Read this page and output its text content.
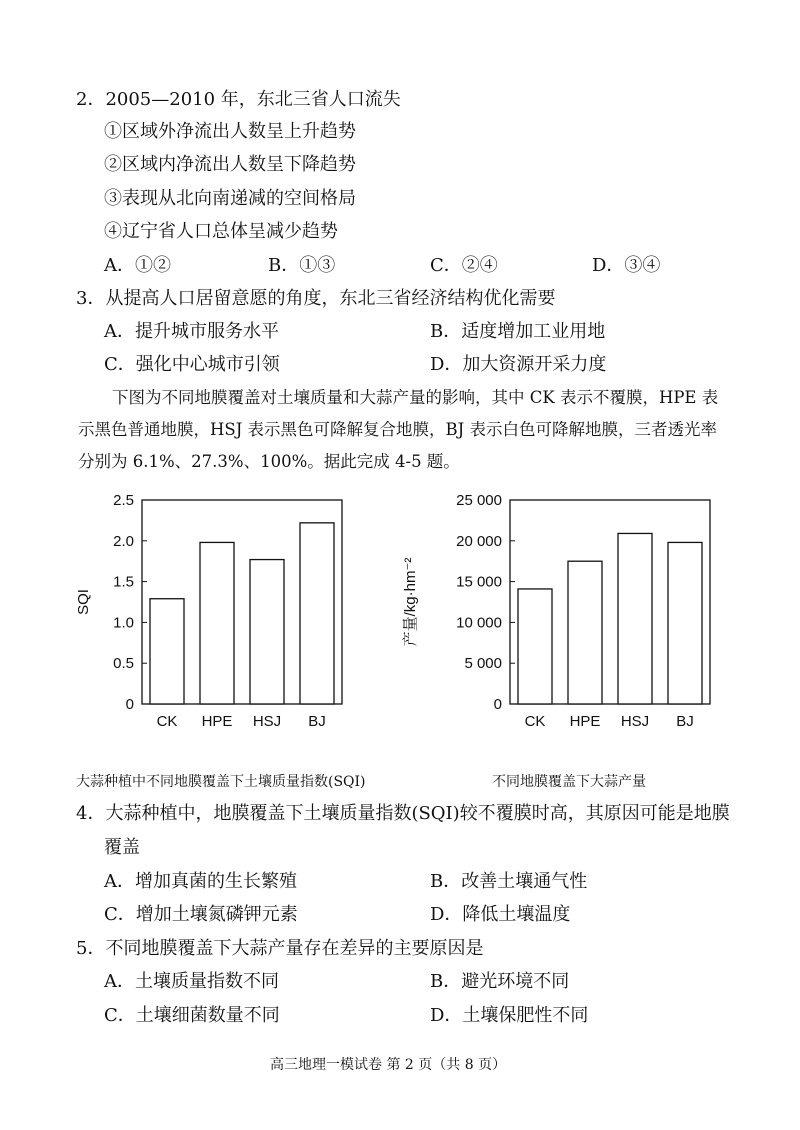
2．2005—2010 年，东北三省人口流失
①区域外净流出人数呈上升趋势
②区域内净流出人数呈下降趋势
③表现从北向南递减的空间格局
④辽宁省人口总体呈减少趋势
A．①②	B．①③	C．②④	D．③④
3．从提高人口居留意愿的角度，东北三省经济结构优化需要
A．提升城市服务水平	B．适度增加工业用地
C．强化中心城市引领	D．加大资源开采力度
下图为不同地膜覆盖对土壤质量和大蒜产量的影响，其中 CK 表示不覆膜，HPE 表示黑色普通地膜，HSJ 表示黑色可降解复合地膜，BJ 表示白色可降解地膜，三者透光率分别为 6.1%、27.3%、100%。据此完成 4-5 题。
0
0.5
1.0
1.5
2.0
2.5
CK HPE HSJ BJ
SQI
0
5 000
10 000
15 000
20 000
25 000
CK HPE HSJ BJ
产量/kg·hm⁻²
大蒜种植中不同地膜覆盖下土壤质量指数(SQI)	不同地膜覆盖下大蒜产量
4．大蒜种植中，地膜覆盖下土壤质量指数(SQI)较不覆膜时高，其原因可能是地膜
覆盖
A．增加真菌的生长繁殖	B．改善土壤通气性
C．增加土壤氮磷钾元素	D．降低土壤温度
5．不同地膜覆盖下大蒜产量存在差异的主要原因是
A．土壤质量指数不同	B．避光环境不同
C．土壤细菌数量不同	D．土壤保肥性不同
高三地理一模试卷 第 2 页（共 8 页）
